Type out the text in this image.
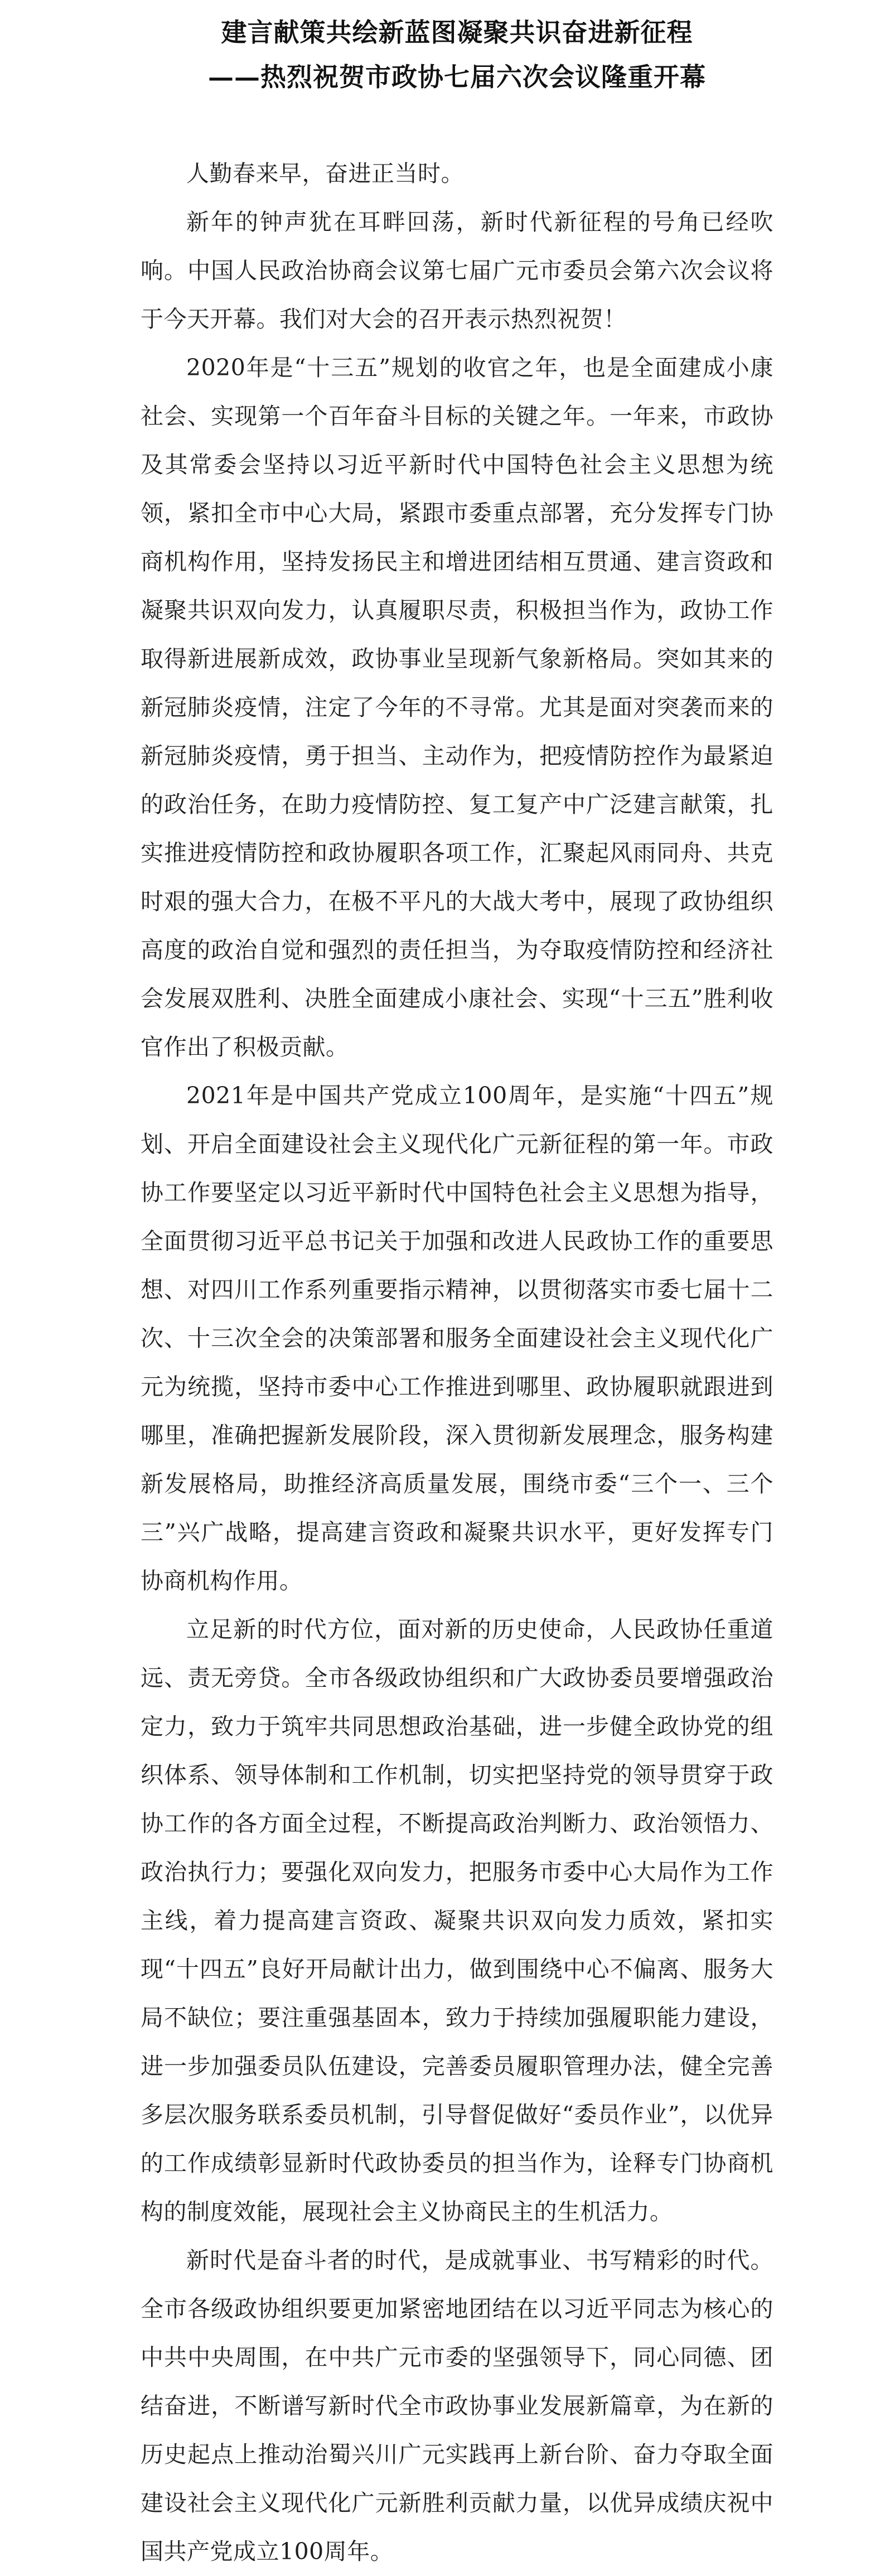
建言献策共绘新蓝图凝聚共识奋进新征程
——热烈祝贺市政协七届六次会议隆重开幕

人勤春来早，奋进正当时。

新年的钟声犹在耳畔回荡，新时代新征程的号角已经吹响。中国人民政治协商会议第七届广元市委员会第六次会议将于今天开幕。我们对大会的召开表示热烈祝贺！

2020年是“十三五”规划的收官之年，也是全面建成小康社会、实现第一个百年奋斗目标的关键之年。一年来，市政协及其常委会坚持以习近平新时代中国特色社会主义思想为统领，紧扣全市中心大局，紧跟市委重点部署，充分发挥专门协商机构作用，坚持发扬民主和增进团结相互贯通、建言资政和凝聚共识双向发力，认真履职尽责，积极担当作为，政协工作取得新进展新成效，政协事业呈现新气象新格局。突如其来的新冠肺炎疫情，注定了今年的不寻常。尤其是面对突袭而来的新冠肺炎疫情，勇于担当、主动作为，把疫情防控作为最紧迫的政治任务，在助力疫情防控、复工复产中广泛建言献策，扎实推进疫情防控和政协履职各项工作，汇聚起风雨同舟、共克时艰的强大合力，在极不平凡的大战大考中，展现了政协组织高度的政治自觉和强烈的责任担当，为夺取疫情防控和经济社会发展双胜利、决胜全面建成小康社会、实现“十三五”胜利收官作出了积极贡献。

2021年是中国共产党成立100周年，是实施“十四五”规划、开启全面建设社会主义现代化广元新征程的第一年。市政协工作要坚定以习近平新时代中国特色社会主义思想为指导，全面贯彻习近平总书记关于加强和改进人民政协工作的重要思想、对四川工作系列重要指示精神，以贯彻落实市委七届十二次、十三次全会的决策部署和服务全面建设社会主义现代化广元为统揽，坚持市委中心工作推进到哪里、政协履职就跟进到哪里，准确把握新发展阶段，深入贯彻新发展理念，服务构建新发展格局，助推经济高质量发展，围绕市委“三个一、三个三”兴广战略，提高建言资政和凝聚共识水平，更好发挥专门协商机构作用。

立足新的时代方位，面对新的历史使命，人民政协任重道远、责无旁贷。全市各级政协组织和广大政协委员要增强政治定力，致力于筑牢共同思想政治基础，进一步健全政协党的组织体系、领导体制和工作机制，切实把坚持党的领导贯穿于政协工作的各方面全过程，不断提高政治判断力、政治领悟力、政治执行力；要强化双向发力，把服务市委中心大局作为工作主线，着力提高建言资政、凝聚共识双向发力质效，紧扣实现“十四五”良好开局献计出力，做到围绕中心不偏离、服务大局不缺位；要注重强基固本，致力于持续加强履职能力建设，进一步加强委员队伍建设，完善委员履职管理办法，健全完善多层次服务联系委员机制，引导督促做好“委员作业”，以优异的工作成绩彰显新时代政协委员的担当作为，诠释专门协商机构的制度效能，展现社会主义协商民主的生机活力。

新时代是奋斗者的时代，是成就事业、书写精彩的时代。全市各级政协组织要更加紧密地团结在以习近平同志为核心的中共中央周围，在中共广元市委的坚强领导下，同心同德、团结奋进，不断谱写新时代全市政协事业发展新篇章，为在新的历史起点上推动治蜀兴川广元实践再上新台阶、奋力夺取全面建设社会主义现代化广元新胜利贡献力量，以优异成绩庆祝中国共产党成立100周年。
